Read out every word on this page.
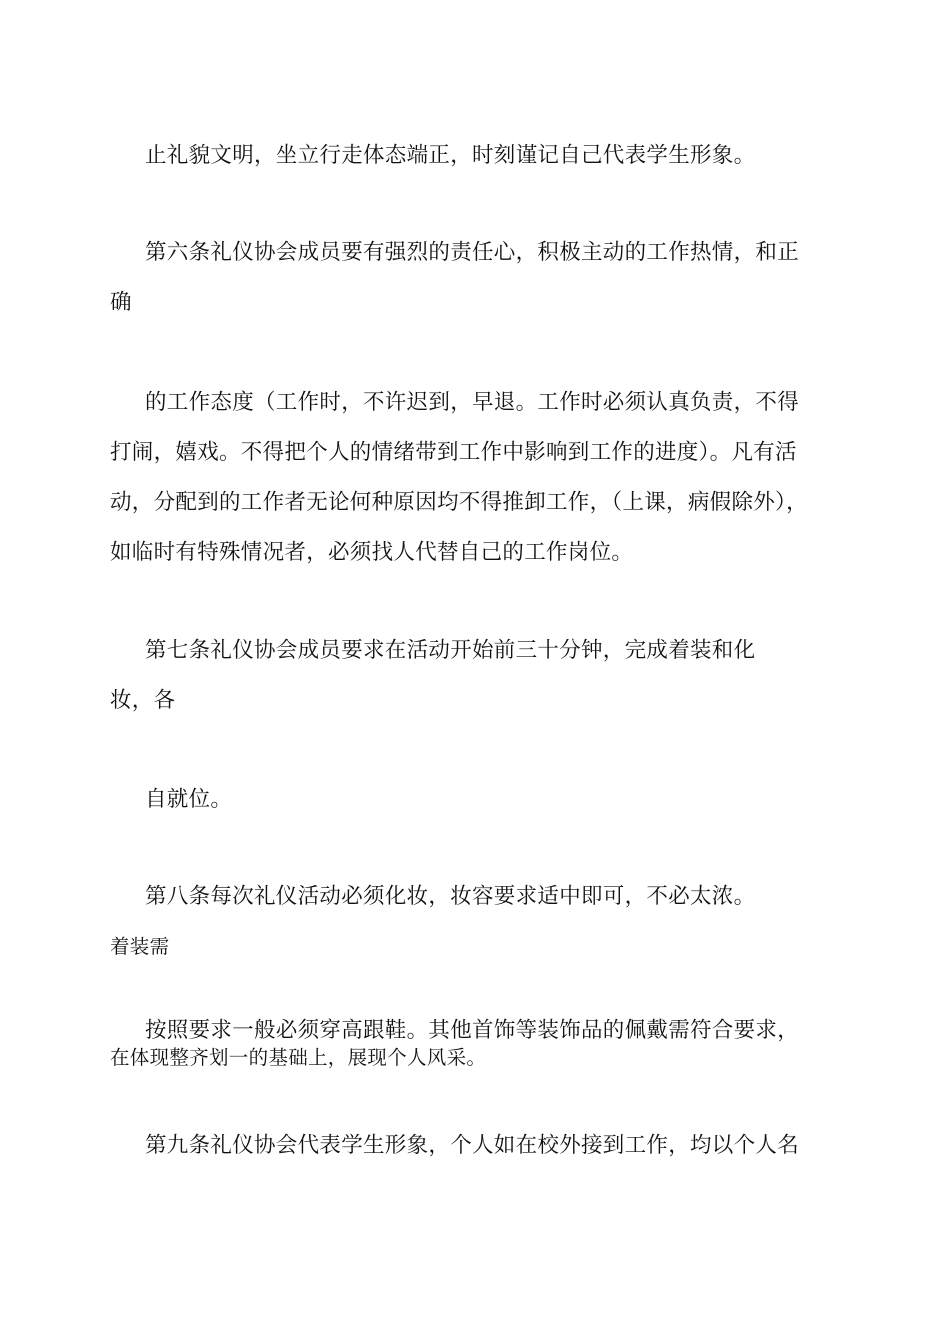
止礼貌文明，坐立行走体态端正，时刻谨记自己代表学生形象。
第六条礼仪协会成员要有强烈的责任心，积极主动的工作热情，和正
确
的工作态度（工作时，不许迟到，早退。工作时必须认真负责，不得
打闹，嬉戏。不得把个人的情绪带到工作中影响到工作的进度）。凡有活
动，分配到的工作者无论何种原因均不得推卸工作，（上课，病假除外），
如临时有特殊情况者，必须找人代替自己的工作岗位。
第七条礼仪协会成员要求在活动开始前三十分钟，完成着装和化
妆，各
自就位。
第八条每次礼仪活动必须化妆，妆容要求适中即可，不必太浓。
着装需
按照要求一般必须穿高跟鞋。其他首饰等装饰品的佩戴需符合要求，
在体现整齐划一的基础上，展现个人风采。
第九条礼仪协会代表学生形象，个人如在校外接到工作，均以个人名
